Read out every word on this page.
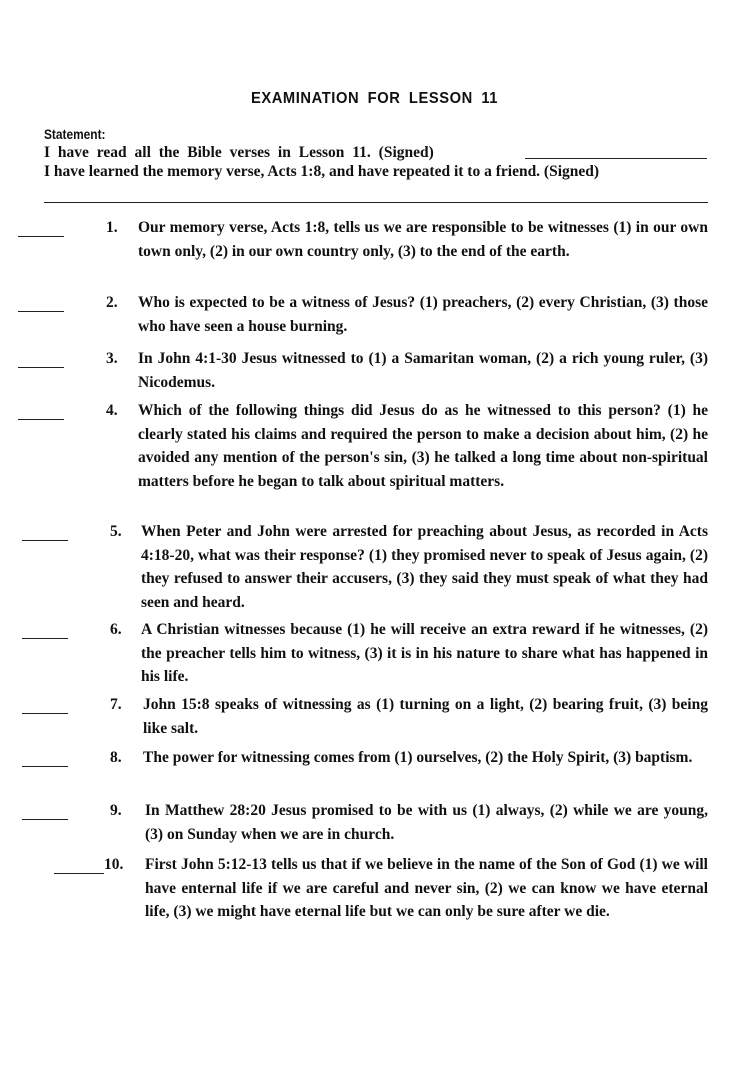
EXAMINATION FOR LESSON 11
Statement:
I have read all the Bible verses in Lesson 11. (Signed)
I have learned the memory verse, Acts 1:8, and have repeated it to a friend. (Signed)
1. Our memory verse, Acts 1:8, tells us we are responsible to be witnesses (1) in our own town only, (2) in our own country only, (3) to the end of the earth.
2. Who is expected to be a witness of Jesus? (1) preachers, (2) every Christian, (3) those who have seen a house burning.
3. In John 4:1-30 Jesus witnessed to (1) a Samaritan woman, (2) a rich young ruler, (3) Nicodemus.
4. Which of the following things did Jesus do as he witnessed to this person? (1) he clearly stated his claims and required the person to make a decision about him, (2) he avoided any mention of the person's sin, (3) he talked a long time about non-spiritual matters before he began to talk about spiritual matters.
5. When Peter and John were arrested for preaching about Jesus, as recorded in Acts 4:18-20, what was their response? (1) they promised never to speak of Jesus again, (2) they refused to answer their accusers, (3) they said they must speak of what they had seen and heard.
6. A Christian witnesses because (1) he will receive an extra reward if he witnesses, (2) the preacher tells him to witness, (3) it is in his nature to share what has happened in his life.
7. John 15:8 speaks of witnessing as (1) turning on a light, (2) bearing fruit, (3) being like salt.
8. The power for witnessing comes from (1) ourselves, (2) the Holy Spirit, (3) baptism.
9. In Matthew 28:20 Jesus promised to be with us (1) always, (2) while we are young, (3) on Sunday when we are in church.
10. First John 5:12-13 tells us that if we believe in the name of the Son of God (1) we will have enternal life if we are careful and never sin, (2) we can know we have eternal life, (3) we might have eternal life but we can only be sure after we die.
